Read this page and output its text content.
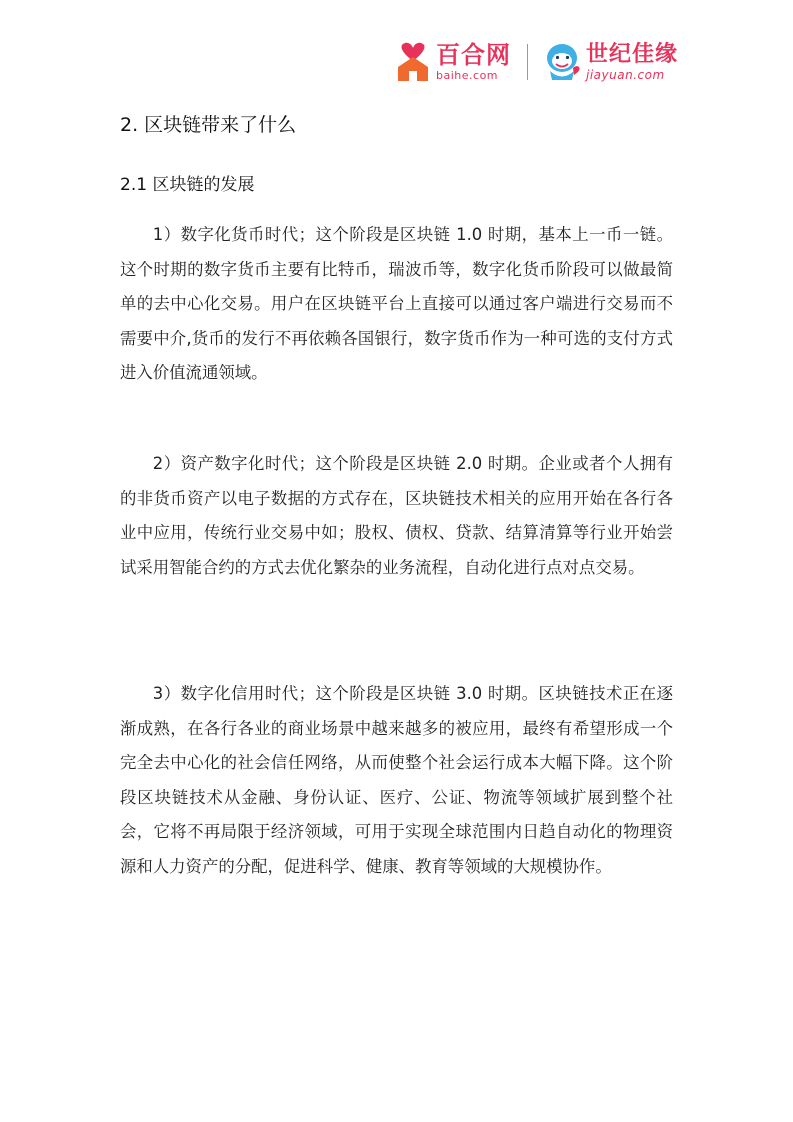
百合网
baihe.com
世纪佳缘
jiayuan.com
2. 区块链带来了什么
2.1 区块链的发展

1）数字化货币时代；这个阶段是区块链 1.0 时期，基本上一币一链。这个时期的数字货币主要有比特币，瑞波币等，数字化货币阶段可以做最简单的去中心化交易。用户在区块链平台上直接可以通过客户端进行交易而不需要中介,货币的发行不再依赖各国银行，数字货币作为一种可选的支付方式进入价值流通领域。

2）资产数字化时代；这个阶段是区块链 2.0 时期。企业或者个人拥有的非货币资产以电子数据的方式存在，区块链技术相关的应用开始在各行各业中应用，传统行业交易中如；股权、债权、贷款、结算清算等行业开始尝试采用智能合约的方式去优化繁杂的业务流程，自动化进行点对点交易。

3）数字化信用时代；这个阶段是区块链 3.0 时期。区块链技术正在逐渐成熟，在各行各业的商业场景中越来越多的被应用，最终有希望形成一个完全去中心化的社会信任网络，从而使整个社会运行成本大幅下降。这个阶段区块链技术从金融、身份认证、医疗、公证、物流等领域扩展到整个社会，它将不再局限于经济领域，可用于实现全球范围内日趋自动化的物理资源和人力资产的分配，促进科学、健康、教育等领域的大规模协作。
